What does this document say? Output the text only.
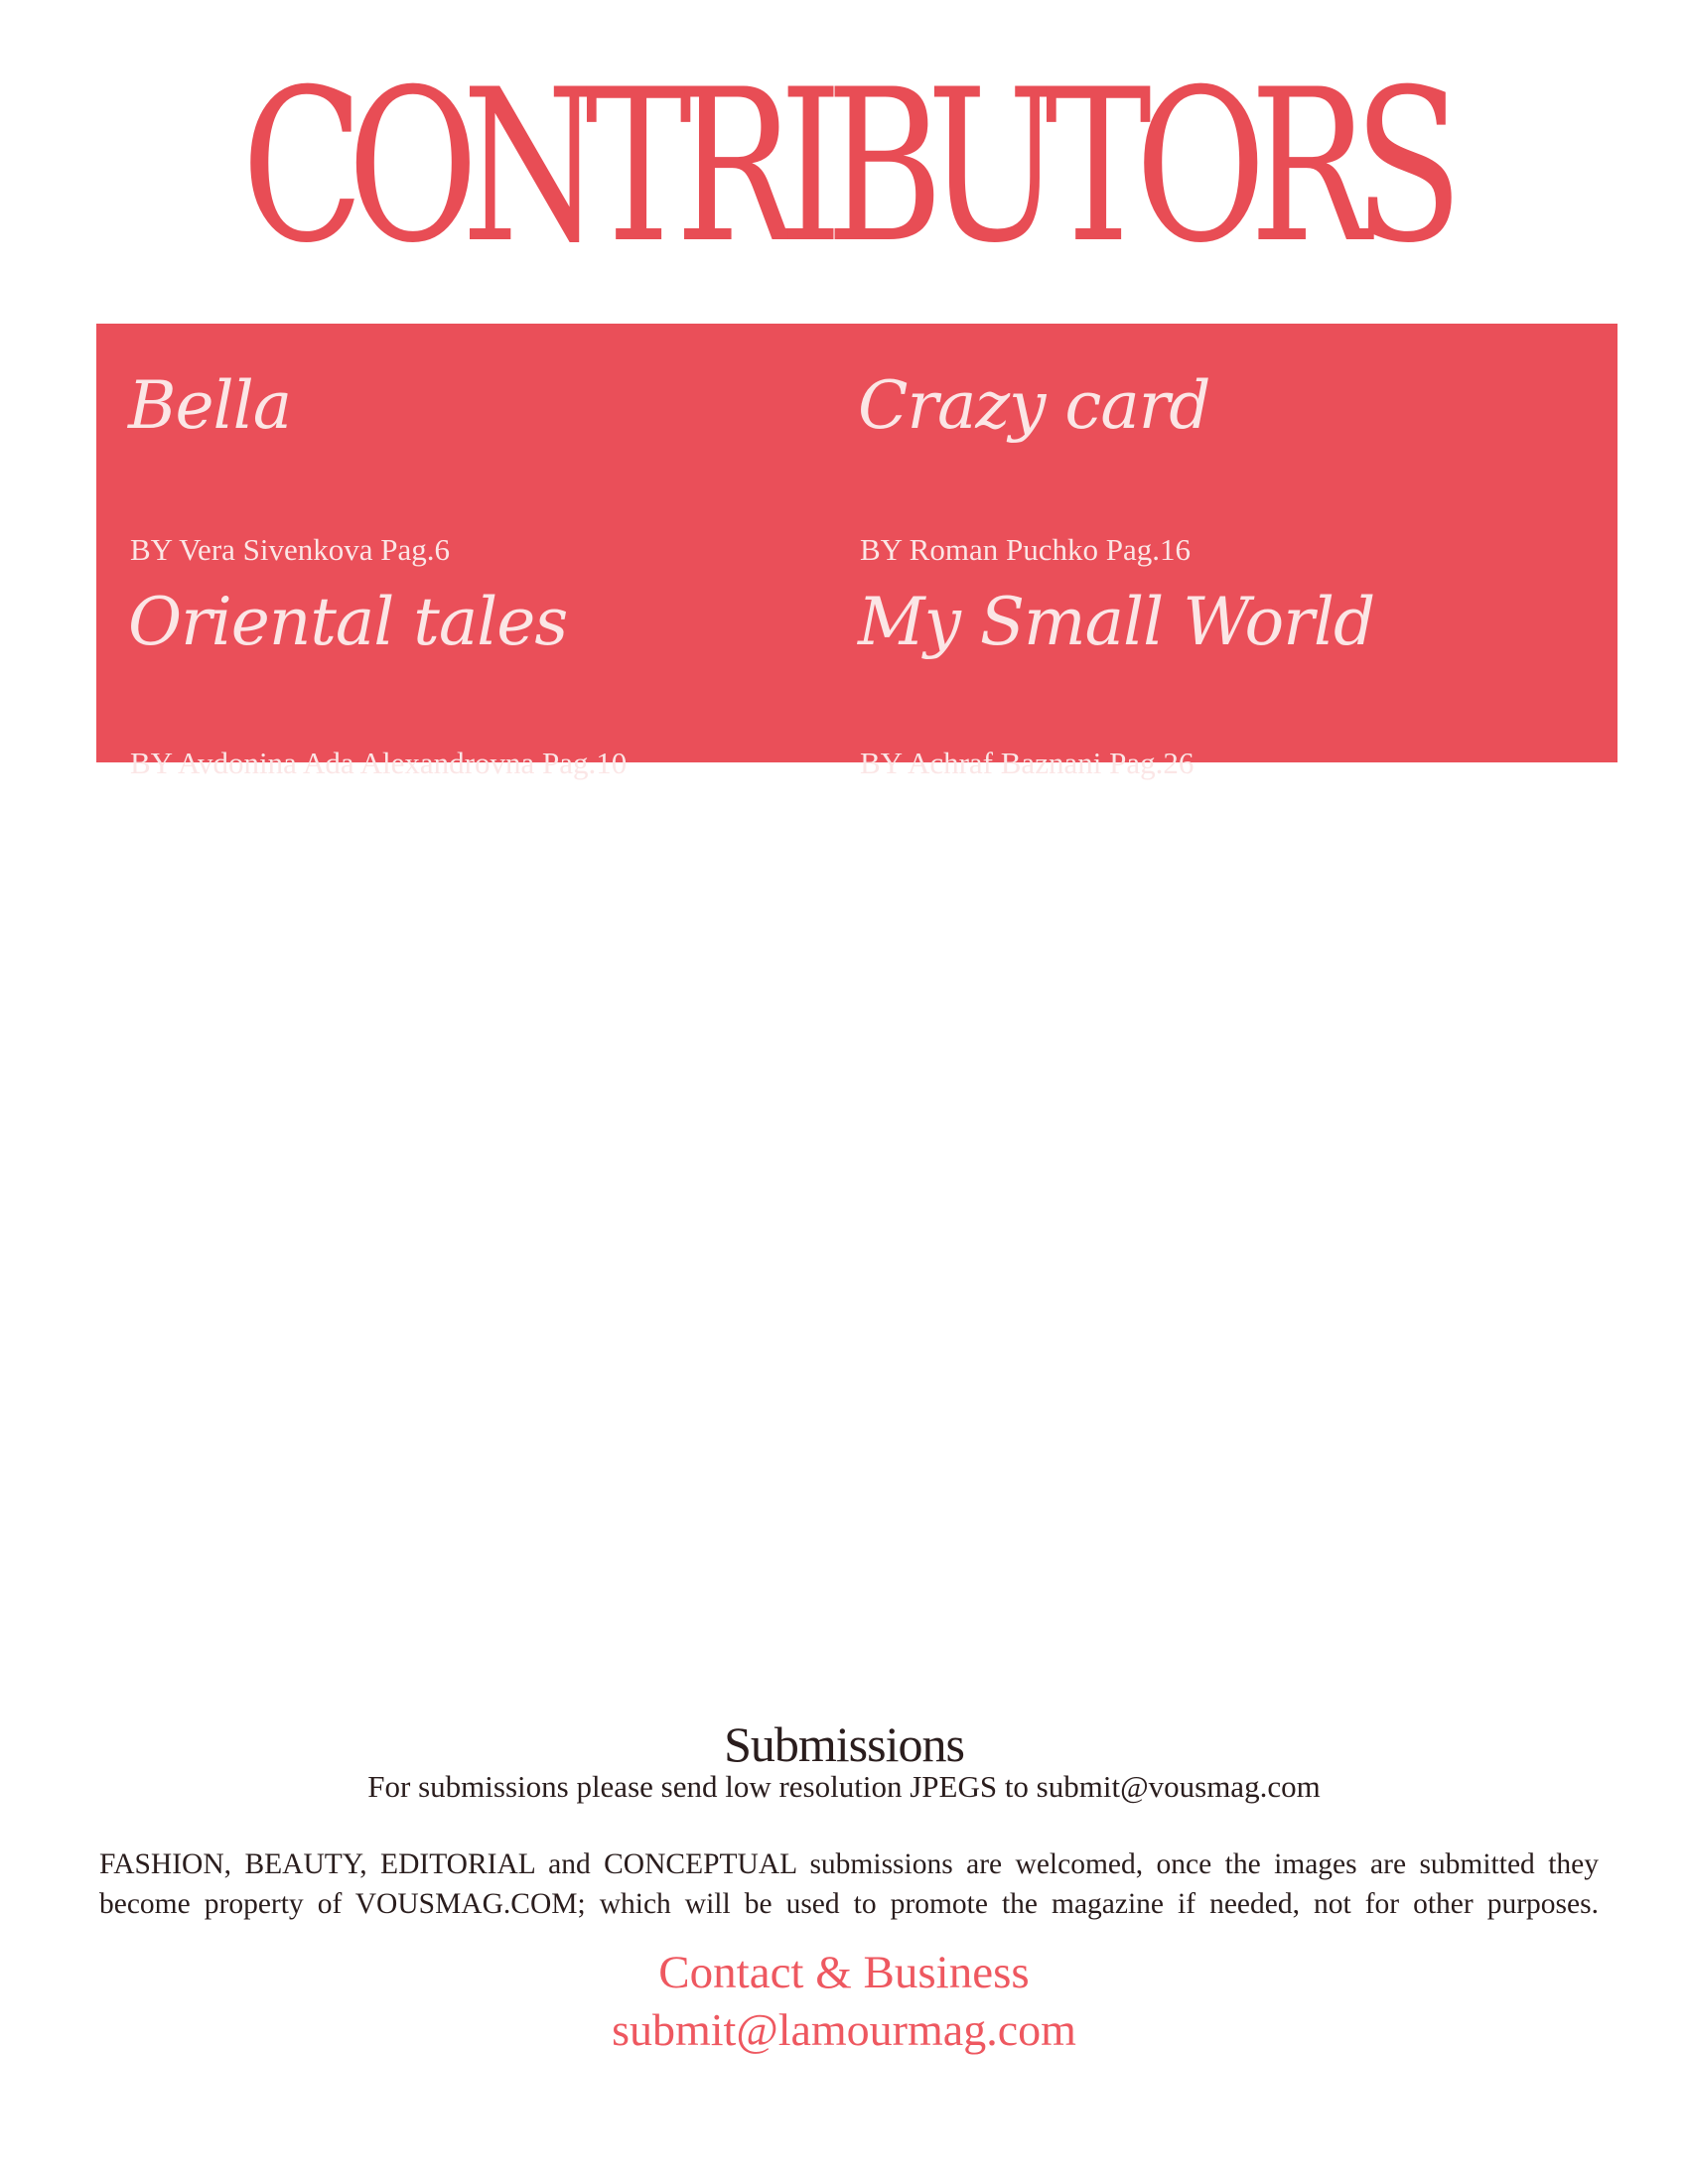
CONTRIBUTORS
Bella
BY Vera Sivenkova Pag.6
Crazy card
BY Roman Puchko Pag.16
Oriental tales
BY Avdonina Ada Alexandrovna Pag.10
My Small World
BY Achraf Baznani Pag.26
Submissions
For submissions please send low resolution JPEGS to submit@vousmag.com
FASHION, BEAUTY, EDITORIAL and CONCEPTUAL submissions are welcomed, once the images are submitted they become property of VOUSMAG.COM; which will be used to promote the magazine if needed, not for other purposes.
Contact & Business
submit@lamourmag.com
